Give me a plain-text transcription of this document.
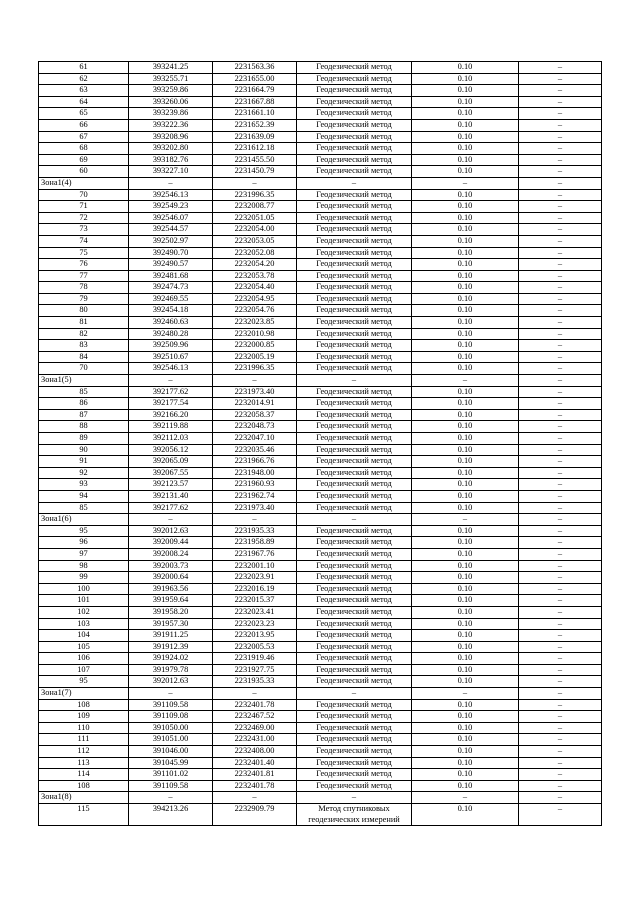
61	393241.25	2231563.36	Геодезический метод	0.10	–
62	393255.71	2231655.00	Геодезический метод	0.10	–
63	393259.86	2231664.79	Геодезический метод	0.10	–
64	393260.06	2231667.88	Геодезический метод	0.10	–
65	393239.86	2231661.10	Геодезический метод	0.10	–
66	393222.36	2231652.39	Геодезический метод	0.10	–
67	393208.96	2231639.09	Геодезический метод	0.10	–
68	393202.80	2231612.18	Геодезический метод	0.10	–
69	393182.76	2231455.50	Геодезический метод	0.10	–
60	393227.10	2231450.79	Геодезический метод	0.10	–
Зона1(4)	–	–	–	–	–
70	392546.13	2231996.35	Геодезический метод	0.10	–
71	392549.23	2232008.77	Геодезический метод	0.10	–
72	392546.07	2232051.05	Геодезический метод	0.10	–
73	392544.57	2232054.00	Геодезический метод	0.10	–
74	392502.97	2232053.05	Геодезический метод	0.10	–
75	392490.70	2232052.08	Геодезический метод	0.10	–
76	392490.57	2232054.20	Геодезический метод	0.10	–
77	392481.68	2232053.78	Геодезический метод	0.10	–
78	392474.73	2232054.40	Геодезический метод	0.10	–
79	392469.55	2232054.95	Геодезический метод	0.10	–
80	392454.18	2232054.76	Геодезический метод	0.10	–
81	392460.63	2232023.85	Геодезический метод	0.10	–
82	392480.28	2232010.98	Геодезический метод	0.10	–
83	392509.96	2232000.85	Геодезический метод	0.10	–
84	392510.67	2232005.19	Геодезический метод	0.10	–
70	392546.13	2231996.35	Геодезический метод	0.10	–
Зона1(5)	–	–	–	–	–
85	392177.62	2231973.40	Геодезический метод	0.10	–
86	392177.54	2232014.91	Геодезический метод	0.10	–
87	392166.20	2232058.37	Геодезический метод	0.10	–
88	392119.88	2232048.73	Геодезический метод	0.10	–
89	392112.03	2232047.10	Геодезический метод	0.10	–
90	392056.12	2232035.46	Геодезический метод	0.10	–
91	392065.09	2231966.76	Геодезический метод	0.10	–
92	392067.55	2231948.00	Геодезический метод	0.10	–
93	392123.57	2231960.93	Геодезический метод	0.10	–
94	392131.40	2231962.74	Геодезический метод	0.10	–
85	392177.62	2231973.40	Геодезический метод	0.10	–
Зона1(6)	–	–	–	–	–
95	392012.63	2231935.33	Геодезический метод	0.10	–
96	392009.44	2231958.89	Геодезический метод	0.10	–
97	392008.24	2231967.76	Геодезический метод	0.10	–
98	392003.73	2232001.10	Геодезический метод	0.10	–
99	392000.64	2232023.91	Геодезический метод	0.10	–
100	391963.56	2232016.19	Геодезический метод	0.10	–
101	391959.64	2232015.37	Геодезический метод	0.10	–
102	391958.20	2232023.41	Геодезический метод	0.10	–
103	391957.30	2232023.23	Геодезический метод	0.10	–
104	391911.25	2232013.95	Геодезический метод	0.10	–
105	391912.39	2232005.53	Геодезический метод	0.10	–
106	391924.02	2231919.46	Геодезический метод	0.10	–
107	391979.78	2231927.75	Геодезический метод	0.10	–
95	392012.63	2231935.33	Геодезический метод	0.10	–
Зона1(7)	–	–	–	–	–
108	391109.58	2232401.78	Геодезический метод	0.10	–
109	391109.08	2232467.52	Геодезический метод	0.10	–
110	391050.00	2232469.00	Геодезический метод	0.10	–
111	391051.00	2232431.00	Геодезический метод	0.10	–
112	391046.00	2232408.00	Геодезический метод	0.10	–
113	391045.99	2232401.40	Геодезический метод	0.10	–
114	391101.02	2232401.81	Геодезический метод	0.10	–
108	391109.58	2232401.78	Геодезический метод	0.10	–
Зона1(8)	–	–	–	–	–
115	394213.26	2232909.79	Метод спутниковых геодезических измерений	0.10	–
